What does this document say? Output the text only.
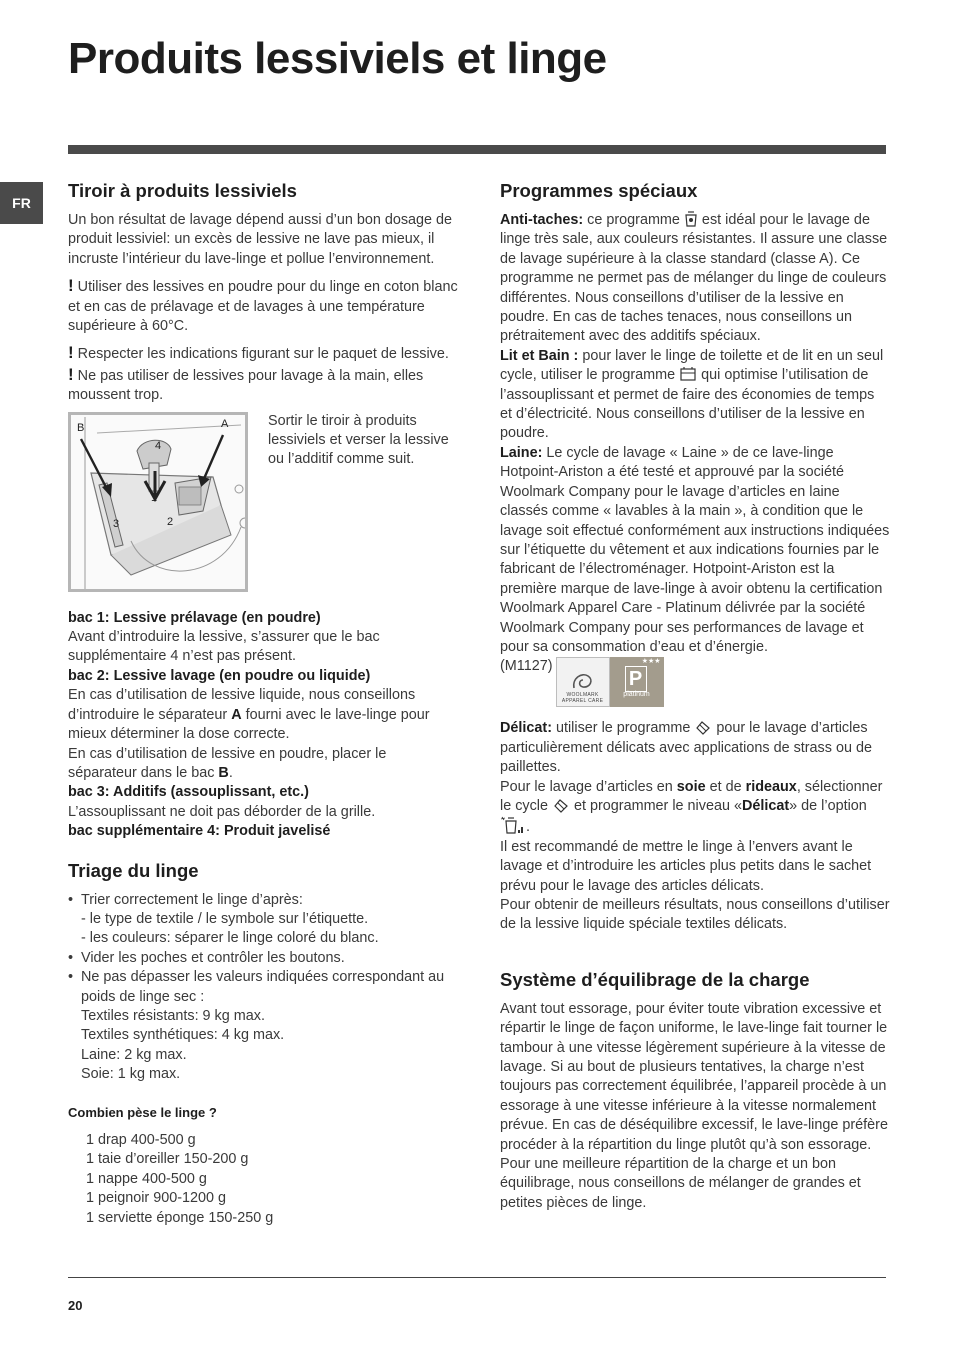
Produits lessiviels et linge
FR
Tiroir à produits lessiviels

Un bon résultat de lavage dépend aussi d’un bon dosage de produit lessiviel: un excès de lessive ne lave pas mieux, il incruste l’intérieur du lave-linge et pollue l’environnement.

! Utiliser des lessives en poudre pour du linge en coton blanc et en cas de prélavage et de lavages à une température supérieure à 60°C.

! Respecter les indications figurant sur le paquet de lessive.

! Ne pas utiliser de lessives pour lavage à la main, elles moussent trop.

B	A
4
1
2
3
Sortir le tiroir à produits lessiviels et verser la lessive ou l’additif comme suit.

bac 1: Lessive prélavage (en poudre)

Avant d’introduire la lessive, s’assurer que le bac supplémentaire 4 n’est pas présent.

bac 2: Lessive lavage (en poudre ou liquide)

En cas d’utilisation de lessive liquide, nous conseillons d’introduire le séparateur A fourni avec le lave-linge pour mieux déterminer la dose correcte.

En cas d’utilisation de lessive en poudre, placer le séparateur dans le bac B.

bac 3: Additifs (assouplissant, etc.)

L’assouplissant ne doit pas déborder de la grille.

bac supplémentaire 4: Produit javelisé

Triage du linge
• Trier correctement le linge d’après:
- le type de textile / le symbole sur l’étiquette.
- les couleurs: séparer le linge coloré du blanc.
• Vider les poches et contrôler les boutons.
• Ne pas dépasser les valeurs indiquées correspondant au poids de linge sec :
Textiles résistants: 9 kg max.
Textiles synthétiques: 4 kg max.
Laine: 2 kg max.
Soie: 1 kg max.
Combien pèse le linge ?
1 drap 400-500 g
1 taie d’oreiller 150-200 g
1 nappe 400-500 g
1 peignoir 900-1200 g
1 serviette éponge 150-250 g
Programmes spéciaux

Anti-taches: ce programme  est idéal pour le lavage de linge très sale, aux couleurs résistantes. Il assure une classe de lavage supérieure à la classe standard (classe A). Ce programme ne permet pas de mélanger du linge de couleurs différentes. Nous conseillons d’utiliser de la lessive en poudre. En cas de taches tenaces, nous conseillons un prétraitement avec des additifs spéciaux.

Lit et Bain : pour laver le linge de toilette et de lit en un seul cycle, utiliser le programme  qui optimise l’utilisation de l’assouplissant et permet de faire des économies de temps et d’électricité. Nous conseillons d’utiliser de la lessive en poudre.

Laine: Le cycle de lavage « Laine » de ce lave-linge Hotpoint-Ariston a été testé et approuvé par la société Woolmark Company pour le lavage d’articles en laine classés comme « lavables à la main », à condition que le lavage soit effectué conformément aux instructions indiquées sur l’étiquette du vêtement et aux indications fournies par le fabricant de l’électroménager. Hotpoint-Ariston est la première marque de lave-linge à avoir obtenu la certification Woolmark Apparel Care - Platinum délivrée par la société Woolmark Company pour ses performances de lavage et pour sa consommation d’eau et d’énergie.

(M1127)
WOOLMARK
APPAREL CARE
★★★
P
platinum

Délicat: utiliser le programme  pour le lavage d’articles particulièrement délicats avec applications de strass ou de paillettes.

Pour le lavage d’articles en soie et de rideaux, sélectionner le cycle  et programmer le niveau «Délicat» de l’option .

Il est recommandé de mettre le linge à l’envers avant le lavage et d’introduire les articles plus petits dans le sachet prévu pour le lavage des articles délicats.

Pour obtenir de meilleurs résultats, nous conseillons d’utiliser de la lessive liquide spéciale textiles délicats.

Système d’équilibrage de la charge

Avant tout essorage, pour éviter toute vibration excessive et répartir le linge de façon uniforme, le lave-linge fait tourner le tambour à une vitesse légèrement supérieure à la vitesse de lavage. Si au bout de plusieurs tentatives, la charge n’est toujours pas correctement équilibrée, l’appareil procède à un essorage à une vitesse inférieure à la vitesse normalement prévue. En cas de déséquilibre excessif, le lave-linge préfère procéder à la répartition du linge plutôt qu’à son essorage. Pour une meilleure répartition de la charge et un bon équilibrage, nous conseillons de mélanger de grandes et petites pièces de linge.

20
